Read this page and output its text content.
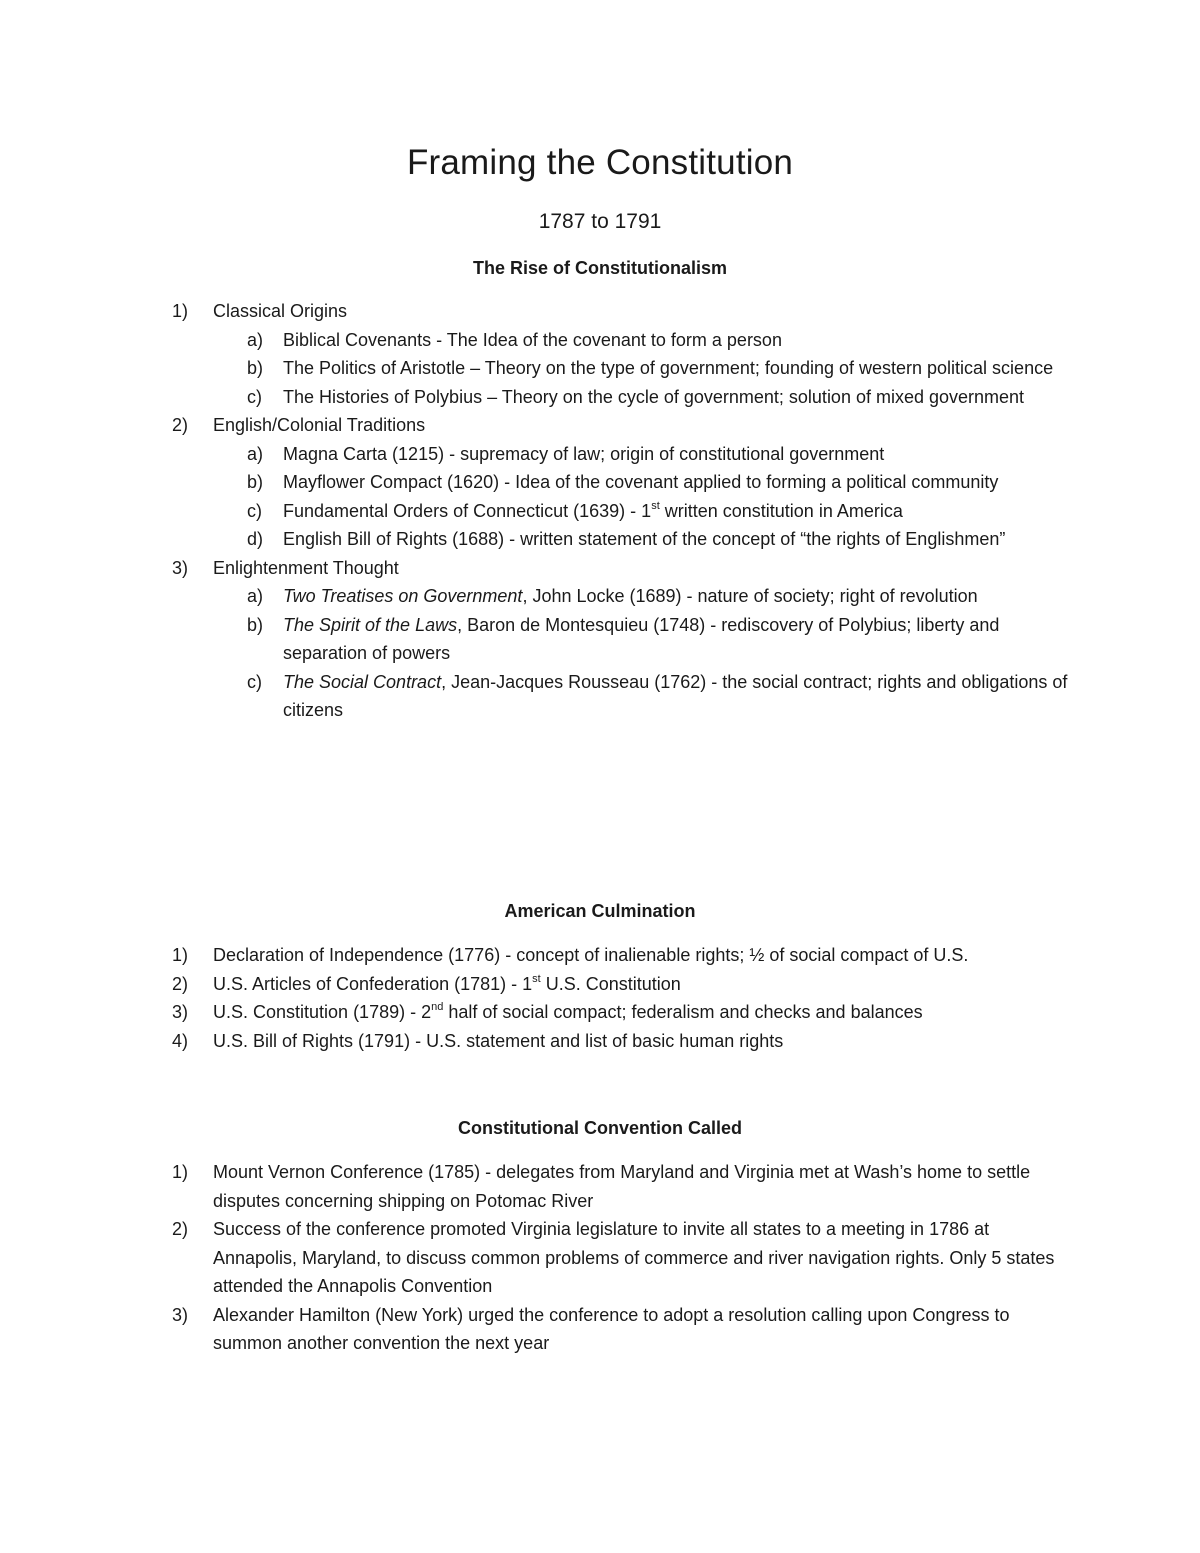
Framing the Constitution
1787 to 1791
The Rise of Constitutionalism
1) Classical Origins
a) Biblical Covenants - The Idea of the covenant to form a person
b) The Politics of Aristotle – Theory on the type of government; founding of western political science
c) The Histories of Polybius – Theory on the cycle of government; solution of mixed government
2) English/Colonial Traditions
a) Magna Carta (1215) - supremacy of law; origin of constitutional government
b) Mayflower Compact (1620) - Idea of the covenant applied to forming a political community
c) Fundamental Orders of Connecticut (1639) - 1st written constitution in America
d) English Bill of Rights (1688) - written statement of the concept of “the rights of Englishmen”
3) Enlightenment Thought
a) Two Treatises on Government, John Locke (1689) - nature of society; right of revolution
b) The Spirit of the Laws, Baron de Montesquieu (1748) - rediscovery of Polybius; liberty and separation of powers
c) The Social Contract, Jean-Jacques Rousseau (1762) - the social contract; rights and obligations of citizens
American Culmination
1) Declaration of Independence (1776) - concept of inalienable rights; ½ of social compact of U.S.
2) U.S. Articles of Confederation (1781) - 1st U.S. Constitution
3) U.S. Constitution (1789) - 2nd half of social compact; federalism and checks and balances
4) U.S. Bill of Rights (1791) - U.S. statement and list of basic human rights
Constitutional Convention Called
1) Mount Vernon Conference (1785) - delegates from Maryland and Virginia met at Wash’s home to settle disputes concerning shipping on Potomac River
2) Success of the conference promoted Virginia legislature to invite all states to a meeting in 1786 at Annapolis, Maryland, to discuss common problems of commerce and river navigation rights. Only 5 states attended the Annapolis Convention
3) Alexander Hamilton (New York) urged the conference to adopt a resolution calling upon Congress to summon another convention the next year
